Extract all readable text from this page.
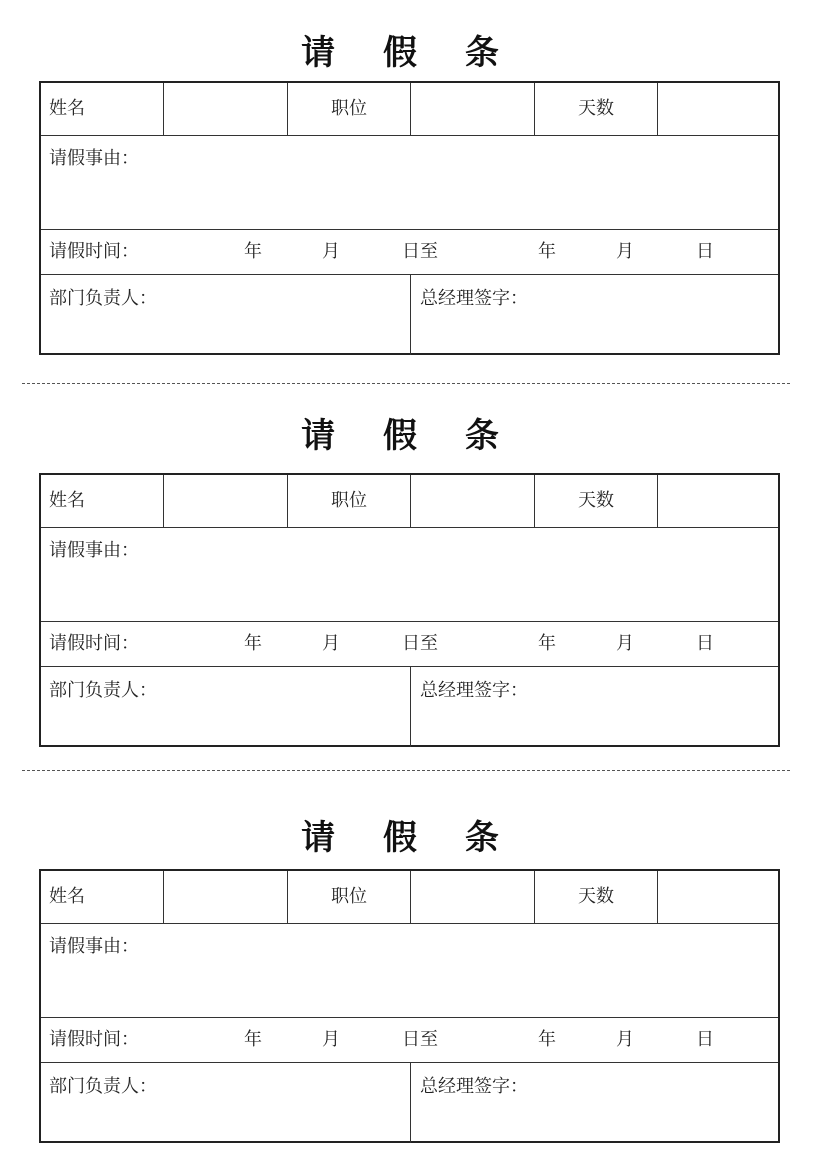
请 假 条
姓名	职位	天数
请假事由：
请假时间：	年	月	日至	年	月	日
部门负责人：	总经理签字：
请 假 条
姓名	职位	天数
请假事由：
请假时间：	年	月	日至	年	月	日
部门负责人：	总经理签字：
请 假 条
姓名	职位	天数
请假事由：
请假时间：	年	月	日至	年	月	日
部门负责人：	总经理签字：
